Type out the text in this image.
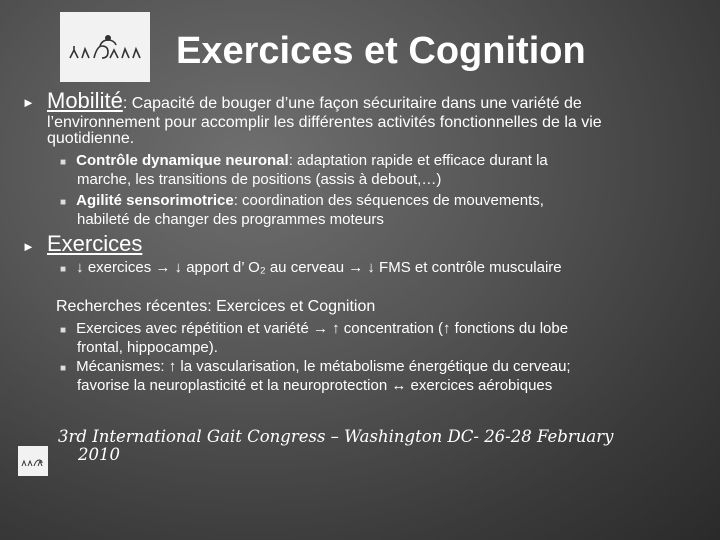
Exercices et Cognition
► Mobilité: Capacité de bouger d’une façon sécuritaire dans une variété de
l’environnement pour accomplir les différentes activités fonctionnelles de la vie
quotidienne.
■ Contrôle dynamique neuronal: adaptation rapide et efficace durant la
marche, les transitions de positions (assis à debout,…)
■ Agilité sensorimotrice: coordination des séquences de mouvements,
habileté de changer des programmes moteurs
► Exercices
■ ↓ exercices → ↓ apport d’ O₂ au cerveau → ↓ FMS et contrôle musculaire
Recherches récentes: Exercices et Cognition
■ Exercices avec répétition et variété → ↑ concentration (↑ fonctions du lobe
frontal, hippocampe).
■ Mécanismes: ↑ la vascularisation, le métabolisme énergétique du cerveau;
favorise la neuroplasticité et la neuroprotection ↔ exercices aérobiques
3rd International Gait Congress – Washington DC- 26-28 February
2010
